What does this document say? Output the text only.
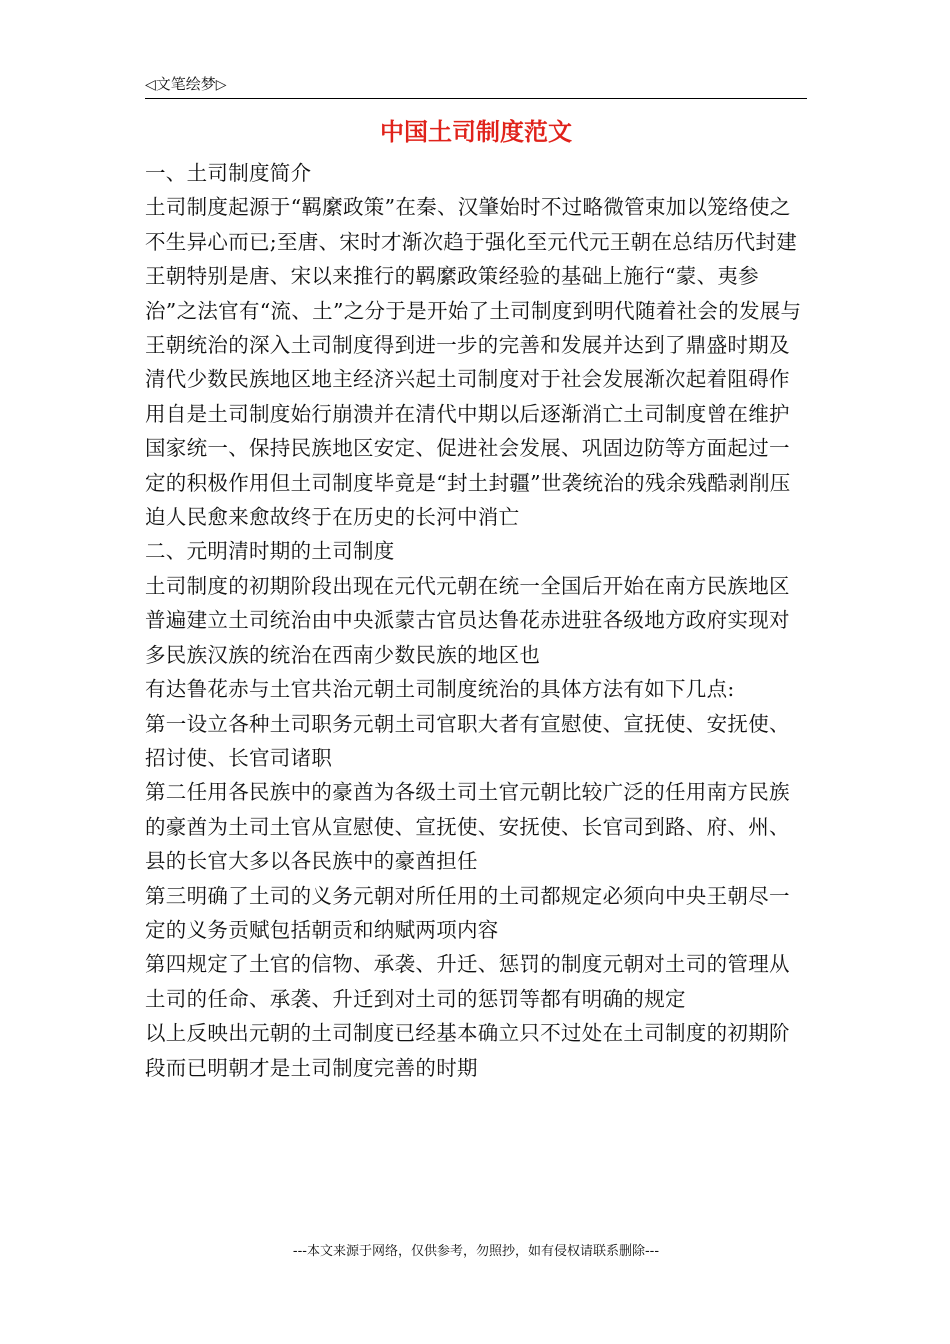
◁文笔绘梦▷
中国土司制度范文

一、土司制度简介

土司制度起源于“羁縻政策”在秦、汉肇始时不过略微管束加以笼络使之不生异心而已;至唐、宋时才渐次趋于强化至元代元王朝在总结历代封建王朝特别是唐、宋以来推行的羁縻政策经验的基础上施行“蒙、夷参治”之法官有“流、土”之分于是开始了土司制度到明代随着社会的发展与王朝统治的深入土司制度得到进一步的完善和发展并达到了鼎盛时期及清代少数民族地区地主经济兴起土司制度对于社会发展渐次起着阻碍作用自是土司制度始行崩溃并在清代中期以后逐渐消亡土司制度曾在维护国家统一、保持民族地区安定、促进社会发展、巩固边防等方面起过一定的积极作用但土司制度毕竟是“封土封疆”世袭统治的残余残酷剥削压迫人民愈来愈故终于在历史的长河中消亡

二、元明清时期的土司制度

土司制度的初期阶段出现在元代元朝在统一全国后开始在南方民族地区普遍建立土司统治由中央派蒙古官员达鲁花赤进驻各级地方政府实现对多民族汉族的统治在西南少数民族的地区也

有达鲁花赤与土官共治元朝土司制度统治的具体方法有如下几点:

第一设立各种土司职务元朝土司官职大者有宣慰使、宣抚使、安抚使、招讨使、长官司诸职

第二任用各民族中的豪酋为各级土司土官元朝比较广泛的任用南方民族的豪酋为土司土官从宣慰使、宣抚使、安抚使、长官司到路、府、州、县的长官大多以各民族中的豪酋担任

第三明确了土司的义务元朝对所任用的土司都规定必须向中央王朝尽一定的义务贡赋包括朝贡和纳赋两项内容

第四规定了土官的信物、承袭、升迁、惩罚的制度元朝对土司的管理从土司的任命、承袭、升迁到对土司的惩罚等都有明确的规定

以上反映出元朝的土司制度已经基本确立只不过处在土司制度的初期阶段而已明朝才是土司制度完善的时期

---本文来源于网络，仅供参考，勿照抄，如有侵权请联系删除---
